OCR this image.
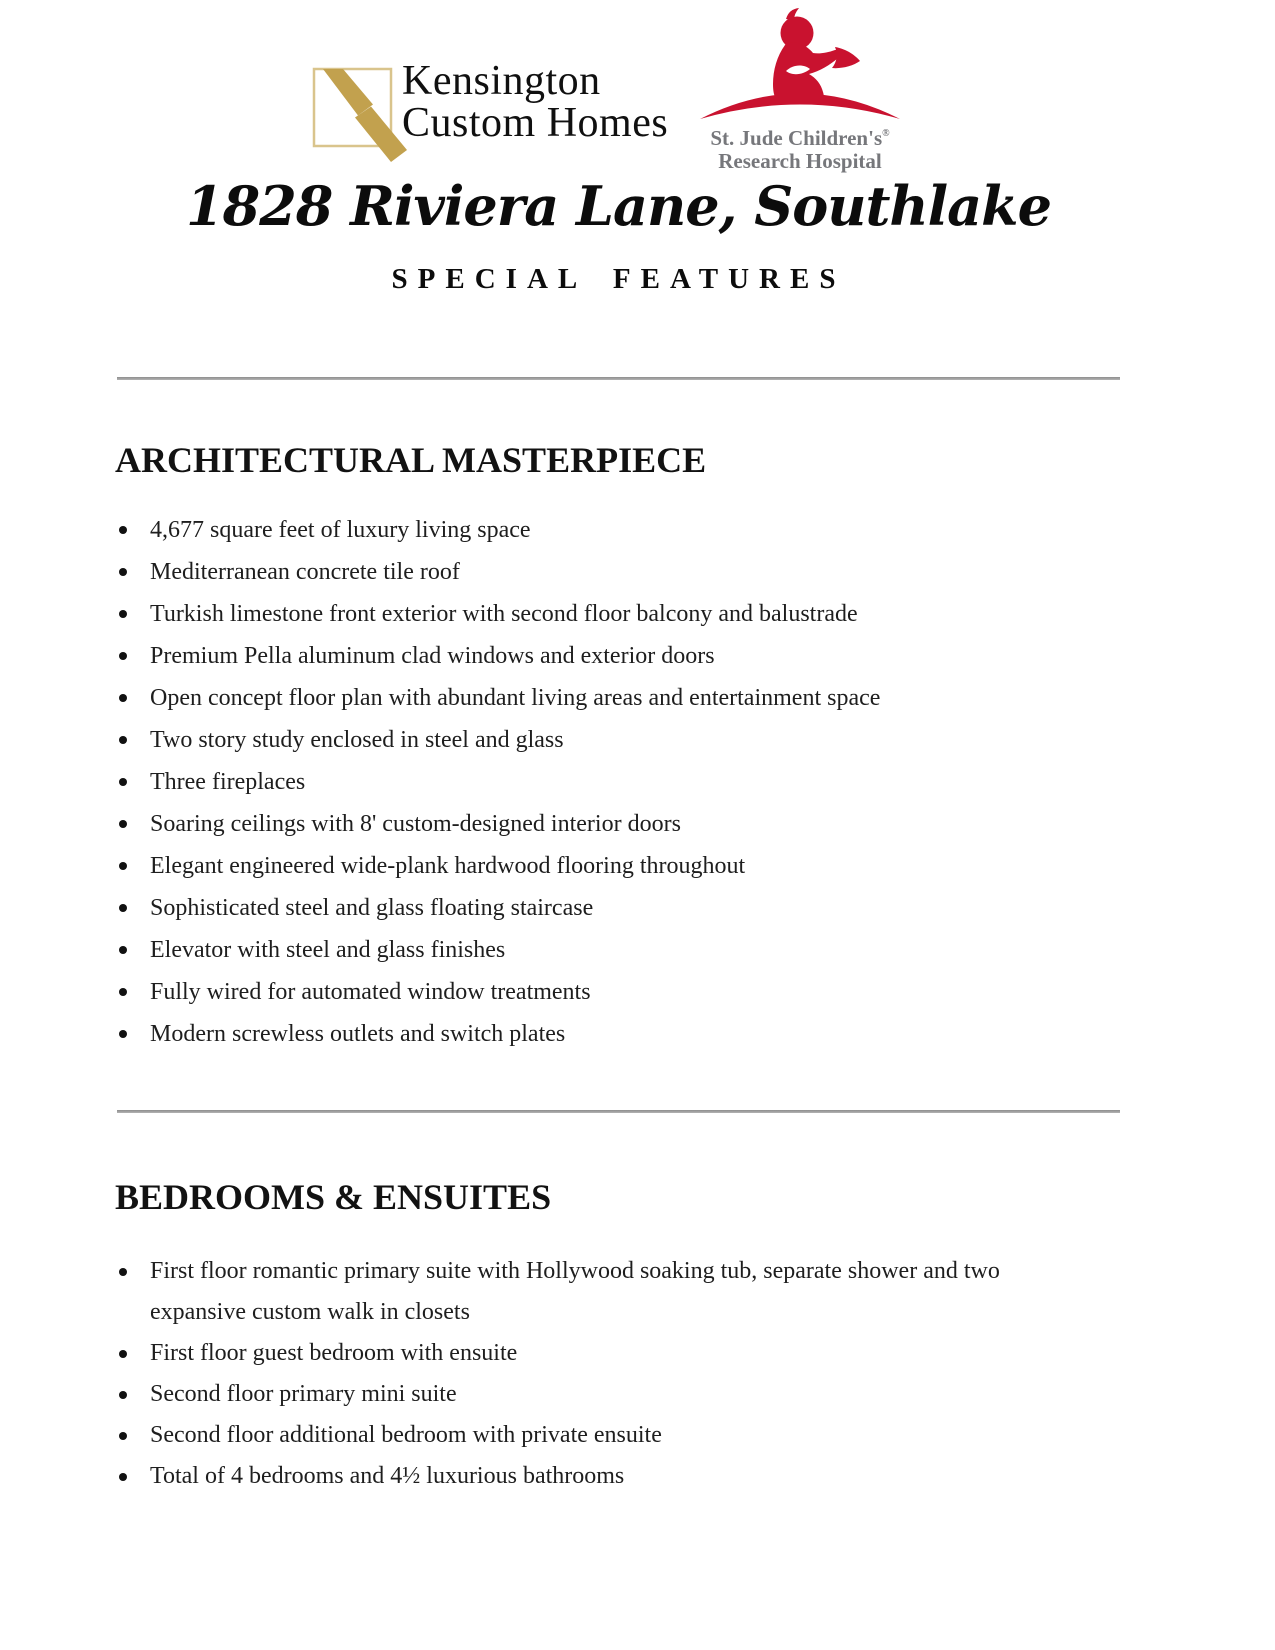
Kensington
Custom Homes	St. Jude Children's®
Research Hospital
1828 Riviera Lane, Southlake
SPECIAL FEATURES
ARCHITECTURAL MASTERPIECE
4,677 square feet of luxury living space
Mediterranean concrete tile roof
Turkish limestone front exterior with second floor balcony and balustrade
Premium Pella aluminum clad windows and exterior doors
Open concept floor plan with abundant living areas and entertainment space
Two story study enclosed in steel and glass
Three fireplaces
Soaring ceilings with 8' custom-designed interior doors
Elegant engineered wide-plank hardwood flooring throughout
Sophisticated steel and glass floating staircase
Elevator with steel and glass finishes
Fully wired for automated window treatments
Modern screwless outlets and switch plates
BEDROOMS & ENSUITES
First floor romantic primary suite with Hollywood soaking tub, separate shower and two expansive custom walk in closets
First floor guest bedroom with ensuite
Second floor primary mini suite
Second floor additional bedroom with private ensuite
Total of 4 bedrooms and 4½ luxurious bathrooms
